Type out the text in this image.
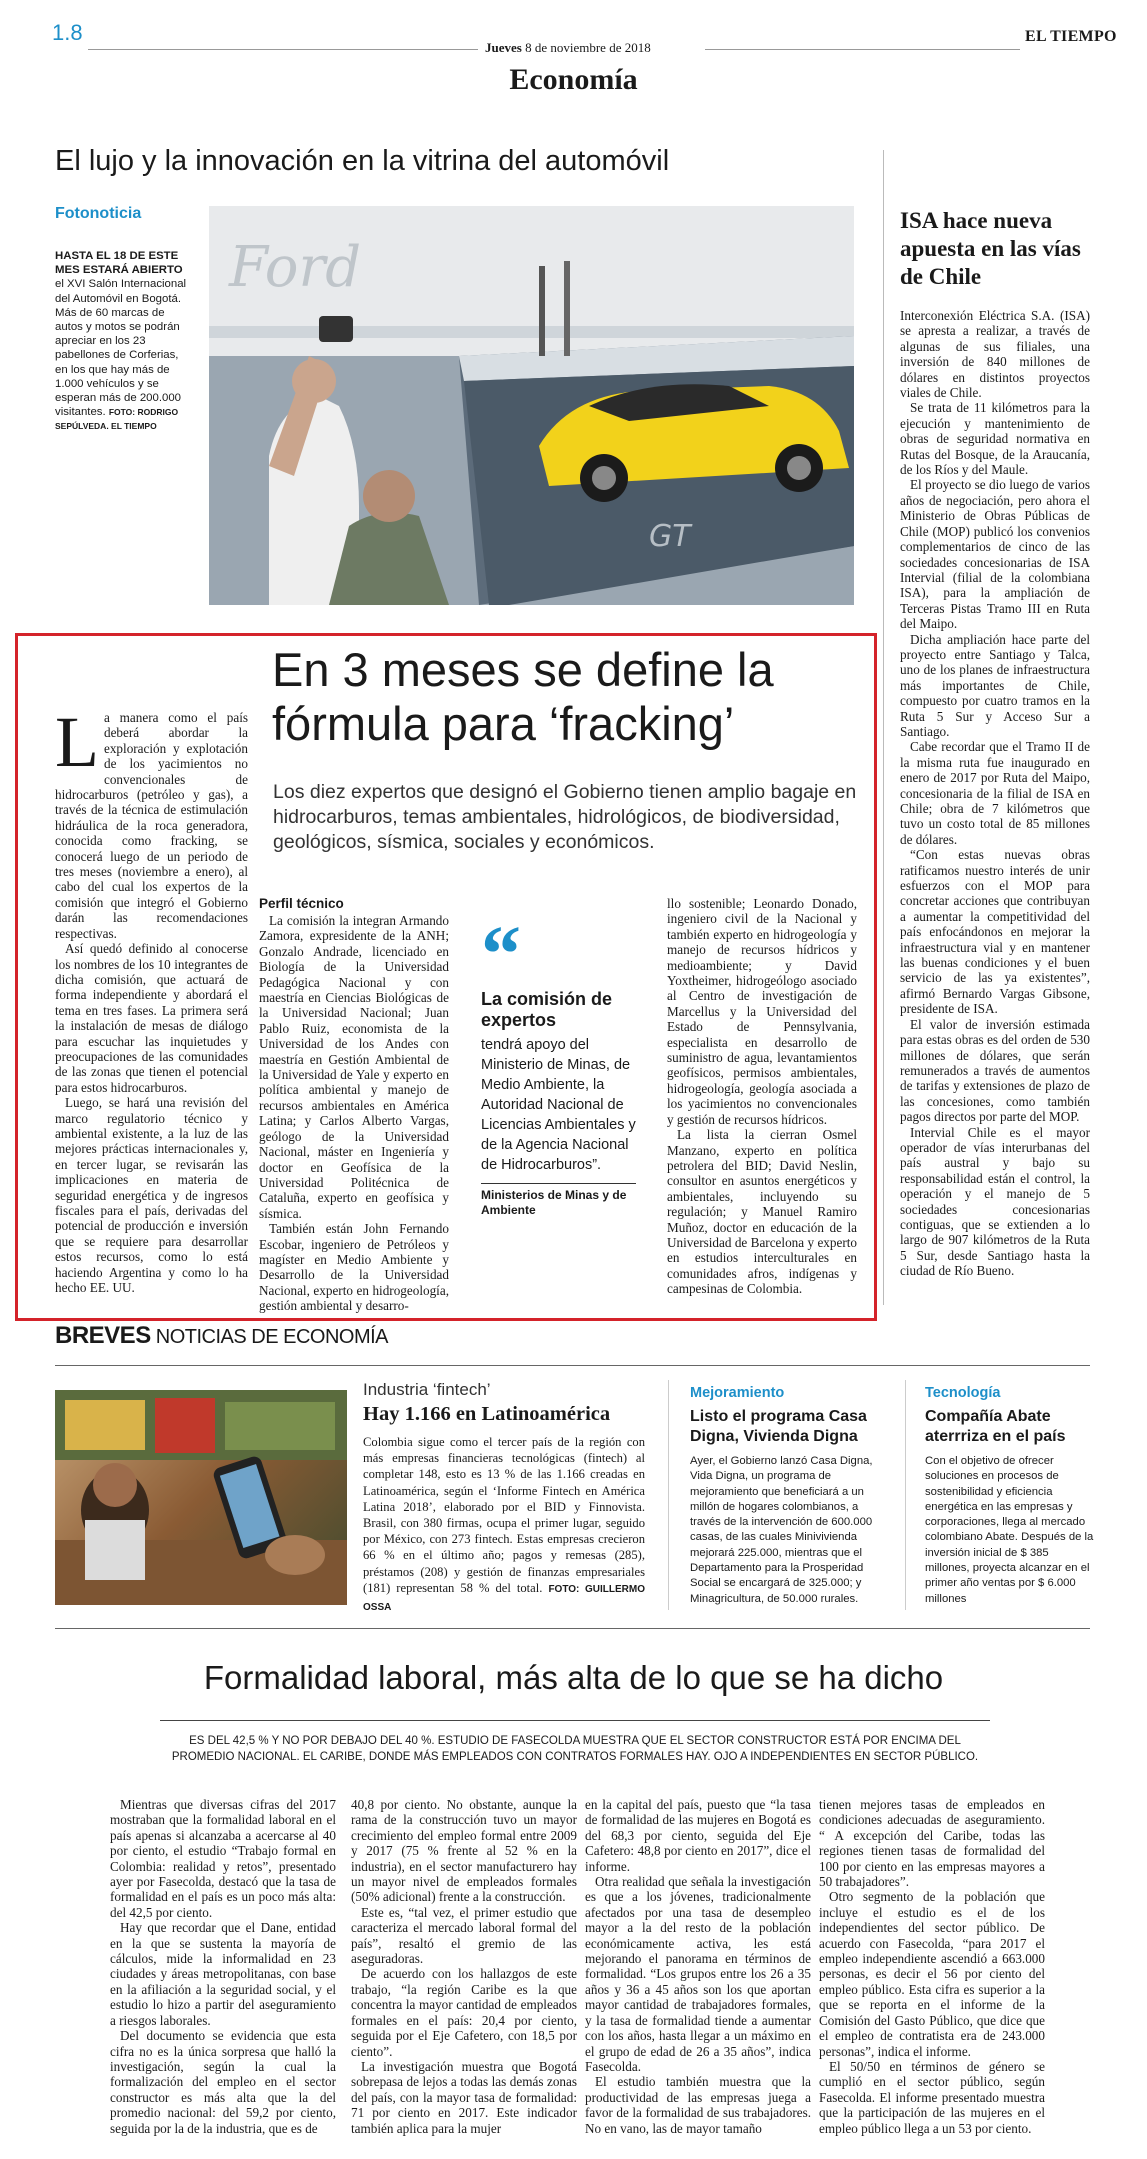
1.8
Jueves 8 de noviembre de 2018
EL TIEMPO
Economía
El lujo y la innovación en la vitrina del automóvil
Fotonoticia
HASTA EL 18 DE ESTE MES ESTARÁ ABIERTO el XVI Salón Internacional del Automóvil en Bogotá. Más de 60 marcas de autos y motos se podrán apreciar en los 23 pabellones de Corferias, en los que hay más de 1.000 vehículos y se esperan más de 200.000 visitantes. FOTO: RODRIGO SEPÚLVEDA. EL TIEMPO
GT
Ford
ISA hace nueva apuesta en las vías de Chile

Interconexión Eléctrica S.A. (ISA) se apresta a realizar, a través de algunas de sus filiales, una inversión de 840 millones de dólares en distintos proyectos viales de Chile.

Se trata de 11 kilómetros para la ejecución y mantenimiento de obras de seguridad normativa en Rutas del Bosque, de la Araucanía, de los Ríos y del Maule.

El proyecto se dio luego de varios años de negociación, pero ahora el Ministerio de Obras Públicas de Chile (MOP) publicó los convenios complementarios de cinco de las sociedades concesionarias de ISA Intervial (filial de la colombiana ISA), para la ampliación de Terceras Pistas Tramo III en Ruta del Maipo.

Dicha ampliación hace parte del proyecto entre Santiago y Talca, uno de los planes de infraestructura más importantes de Chile, compuesto por cuatro tramos en la Ruta 5 Sur y Acceso Sur a Santiago.

Cabe recordar que el Tramo II de la misma ruta fue inaugurado en enero de 2017 por Ruta del Maipo, concesionaria de la filial de ISA en Chile; obra de 7 kilómetros que tuvo un costo total de 85 millones de dólares.

“Con estas nuevas obras ratificamos nuestro interés de unir esfuerzos con el MOP para concretar acciones que contribuyan a aumentar la competitividad del país enfocándonos en mejorar la infraestructura vial y en mantener las buenas condiciones y el buen servicio de las ya existentes”, afirmó Bernardo Vargas Gibsone, presidente de ISA.

El valor de inversión estimada para estas obras es del orden de 530 millones de dólares, que serán remunerados a través de aumentos de tarifas y extensiones de plazo de las concesiones, como también pagos directos por parte del MOP.

Intervial Chile es el mayor operador de vías interurbanas del país austral y bajo su responsabilidad están el control, la operación y el manejo de 5 sociedades concesionarias contiguas, que se extienden a lo largo de 907 kilómetros de la Ruta 5 Sur, desde Santiago hasta la ciudad de Río Bueno.

En 3 meses se define la
fórmula para ‘fracking’
Los diez expertos que designó el Gobierno tienen amplio bagaje en hidrocarburos, temas ambientales, hidrológicos, de biodiversidad, geológicos, sísmica, sociales y económicos.

La manera como el país deberá abordar la exploración y explotación de los yacimientos no convencionales de hidrocarburos (petróleo y gas), a través de la técnica de estimulación hidráulica de la roca generadora, conocida como fracking, se conocerá luego de un periodo de tres meses (noviembre a enero), al cabo del cual los expertos de la comisión que integró el Gobierno darán las recomendaciones respectivas.

Así quedó definido al conocerse los nombres de los 10 integrantes de dicha comisión, que actuará de forma independiente y abordará el tema en tres fases. La primera será la instalación de mesas de diálogo para escuchar las inquietudes y preocupaciones de las comunidades de las zonas que tienen el potencial para estos hidrocarburos.

Luego, se hará una revisión del marco regulatorio técnico y ambiental existente, a la luz de las mejores prácticas internacionales y, en tercer lugar, se revisarán las implicaciones en materia de seguridad energética y de ingresos fiscales para el país, derivadas del potencial de producción e inversión que se requiere para desarrollar estos recursos, como lo está haciendo Argentina y como lo ha hecho EE. UU.

Perfil técnico

La comisión la integran Armando Zamora, expresidente de la ANH; Gonzalo Andrade, licenciado en Biología de la Universidad Pedagógica Nacional y con maestría en Ciencias Biológicas de la Universidad Nacional; Juan Pablo Ruiz, economista de la Universidad de los Andes con maestría en Gestión Ambiental de la Universidad de Yale y experto en política ambiental y manejo de recursos ambientales en América Latina; y Carlos Alberto Vargas, geólogo de la Universidad Nacional, máster en Ingeniería y doctor en Geofísica de la Universidad Politécnica de Cataluña, experto en geofísica y sísmica.

También están John Fernando Escobar, ingeniero de Petróleos y magíster en Medio Ambiente y Desarrollo de la Universidad Nacional, experto en hidrogeología, gestión ambiental y desarro-

“
La comisión de expertos
tendrá apoyo del Ministerio de Minas, de Medio Ambiente, la Autoridad Nacional de Licencias Ambientales y de la Agencia Nacional de Hidrocarburos”.
Ministerios de Minas y de Ambiente

llo sostenible; Leonardo Donado, ingeniero civil de la Nacional y también experto en hidrogeología y manejo de recursos hídricos y medioambiente; y David Yoxtheimer, hidrogeólogo asociado al Centro de investigación de Marcellus y la Universidad del Estado de Pennsylvania, especialista en desarrollo de suministro de agua, levantamientos geofísicos, permisos ambientales, hidrogeología, geología asociada a los yacimientos no convencionales y gestión de recursos hídricos.

La lista la cierran Osmel Manzano, experto en política petrolera del BID; David Neslin, consultor en asuntos energéticos y ambientales, incluyendo su regulación; y Manuel Ramiro Muñoz, doctor en educación de la Universidad de Barcelona y experto en estudios interculturales en comunidades afros, indígenas y campesinas de Colombia.

BREVES NOTICIAS DE ECONOMÍA
Industria ‘fintech’
Hay 1.166 en Latinoamérica
Colombia sigue como el tercer país de la región con más empresas financieras tecnológicas (fintech) al completar 148, esto es 13 % de las 1.166 creadas en Latinoamérica, según el ‘Informe Fintech en América Latina 2018’, elaborado por el BID y Finnovista. Brasil, con 380 firmas, ocupa el primer lugar, seguido por México, con 273 fintech. Estas empresas crecieron 66 % en el último año; pagos y remesas (285), préstamos (208) y gestión de finanzas empresariales (181) representan 58 % del total. FOTO: GUILLERMO OSSA
Mejoramiento
Listo el programa Casa Digna, Vivienda Digna
Ayer, el Gobierno lanzó Casa Digna, Vida Digna, un programa de mejoramiento que beneficiará a un millón de hogares colombianos, a través de la intervención de 600.000 casas, de las cuales Minivivienda mejorará 225.000, mientras que el Departamento para la Prosperidad Social se encargará de 325.000; y Minagricultura, de 50.000 rurales.
Tecnología
Compañía Abate aterrriza en el país
Con el objetivo de ofrecer soluciones en procesos de sostenibilidad y eficiencia energética en las empresas y corporaciones, llega al mercado colombiano Abate. Después de la inversión inicial de $ 385 millones, proyecta alcanzar en el primer año ventas por $ 6.000 millones
Formalidad laboral, más alta de lo que se ha dicho
ES DEL 42,5 % Y NO POR DEBAJO DEL 40 %. ESTUDIO DE FASECOLDA MUESTRA QUE EL SECTOR CONSTRUCTOR ESTÁ POR ENCIMA DEL PROMEDIO NACIONAL. EL CARIBE, DONDE MÁS EMPLEADOS CON CONTRATOS FORMALES HAY. OJO A INDEPENDIENTES EN SECTOR PÚBLICO.

Mientras que diversas cifras del 2017 mostraban que la formalidad laboral en el país apenas si alcanzaba a acercarse al 40 por ciento, el estudio “Trabajo formal en Colombia: realidad y retos”, presentado ayer por Fasecolda, destacó que la tasa de formalidad en el país es un poco más alta: del 42,5 por ciento.

Hay que recordar que el Dane, entidad en la que se sustenta la mayoría de cálculos, mide la informalidad en 23 ciudades y áreas metropolitanas, con base en la afiliación a la seguridad social, y el estudio lo hizo a partir del aseguramiento a riesgos laborales.

Del documento se evidencia que esta cifra no es la única sorpresa que halló la investigación, según la cual la formalización del empleo en el sector constructor es más alta que la del promedio nacional: del 59,2 por ciento, seguida por la de la industria, que es de

40,8 por ciento. No obstante, aunque la rama de la construcción tuvo un mayor crecimiento del empleo formal entre 2009 y 2017 (75 % frente al 52 % en la industria), en el sector manufacturero hay un mayor nivel de empleados formales (50% adicional) frente a la construcción.

Este es, “tal vez, el primer estudio que caracteriza el mercado laboral formal del país”, resaltó el gremio de las aseguradoras.

De acuerdo con los hallazgos de este trabajo, “la región Caribe es la que concentra la mayor cantidad de empleados formales en el país: 20,4 por ciento, seguida por el Eje Cafetero, con 18,5 por ciento”.

La investigación muestra que Bogotá sobrepasa de lejos a todas las demás zonas del país, con la mayor tasa de formalidad: 71 por ciento en 2017. Este indicador también aplica para la mujer

en la capital del país, puesto que “la tasa de formalidad de las mujeres en Bogotá es del 68,3 por ciento, seguida del Eje Cafetero: 48,8 por ciento en 2017”, dice el informe.

Otra realidad que señala la investigación es que a los jóvenes, tradicionalmente afectados por una tasa de desempleo mayor a la del resto de la población económicamente activa, les está mejorando el panorama en términos de formalidad. “Los grupos entre los 26 a 35 años y 36 a 45 años son los que aportan mayor cantidad de trabajadores formales, y la tasa de formalidad tiende a aumentar con los años, hasta llegar a un máximo en el grupo de edad de 26 a 35 años”, indica Fasecolda.

El estudio también muestra que la productividad de las empresas juega a favor de la formalidad de sus trabajadores. No en vano, las de mayor tamaño

tienen mejores tasas de empleados en condiciones adecuadas de aseguramiento. “ A excepción del Caribe, todas las regiones tienen tasas de formalidad del 100 por ciento en las empresas mayores a 50 trabajadores”.

Otro segmento de la población que incluye el estudio es el de los independientes del sector público. De acuerdo con Fasecolda, “para 2017 el empleo independiente ascendió a 663.000 personas, es decir el 56 por ciento del empleo público. Esta cifra es superior a la que se reporta en el informe de la Comisión del Gasto Público, que dice que el empleo de contratista era de 243.000 personas”, indica el informe.

El 50/50 en términos de género se cumplió en el sector público, según Fasecolda. El informe presentado muestra que la participación de las mujeres en el empleo público llega a un 53 por ciento.
